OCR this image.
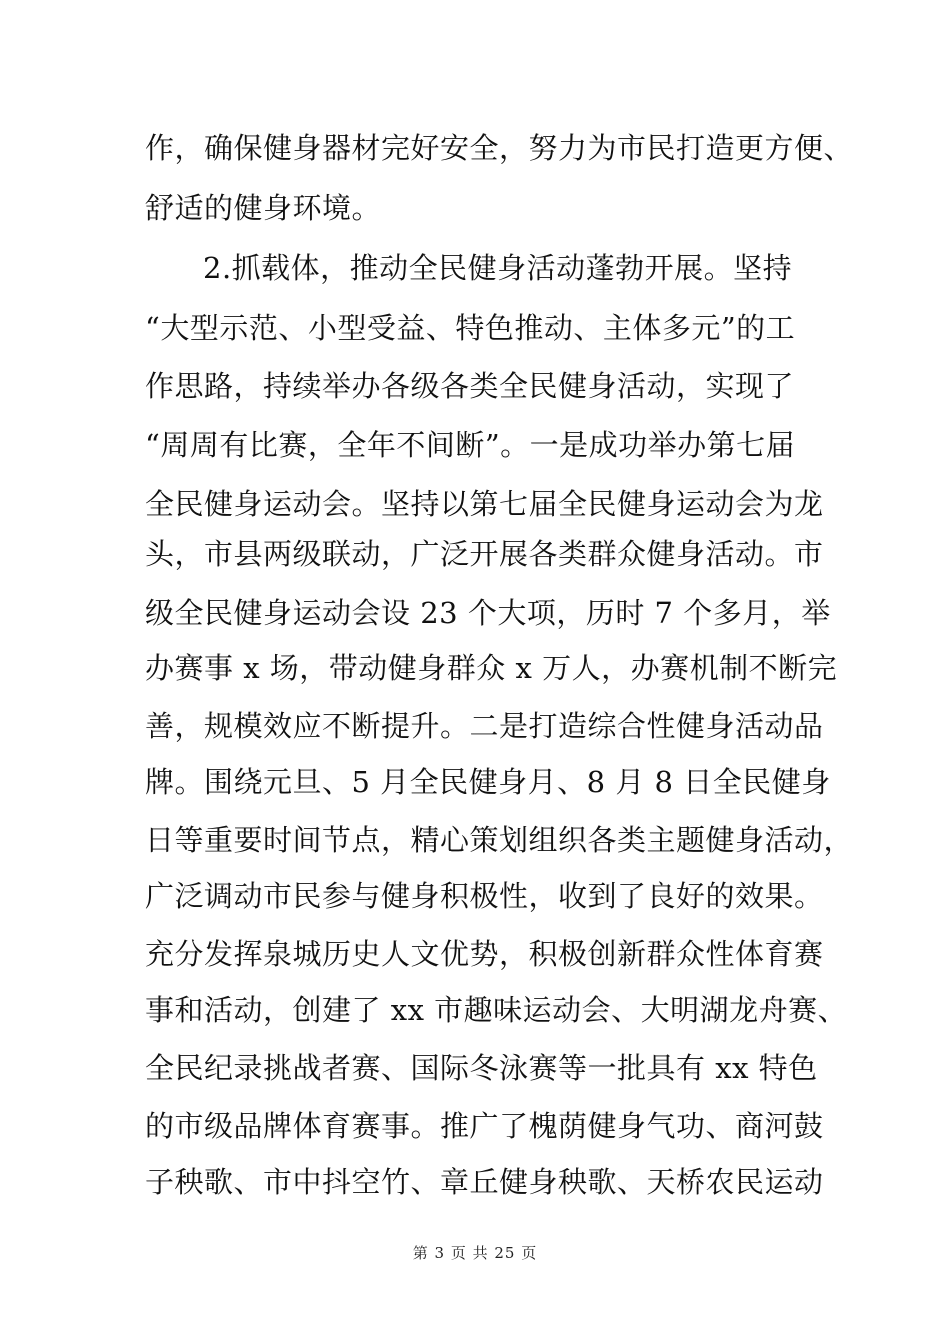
作，确保健身器材完好安全，努力为市民打造更方便、
舒适的健身环境。
2.抓载体，推动全民健身活动蓬勃开展。坚持
“大型示范、小型受益、特色推动、主体多元”的工
作思路，持续举办各级各类全民健身活动，实现了
“周周有比赛，全年不间断”。一是成功举办第七届
全民健身运动会。坚持以第七届全民健身运动会为龙
头，市县两级联动，广泛开展各类群众健身活动。市
级全民健身运动会设 23 个大项，历时 7 个多月，举
办赛事 x 场，带动健身群众 x 万人，办赛机制不断完
善，规模效应不断提升。二是打造综合性健身活动品
牌。围绕元旦、5 月全民健身月、8 月 8 日全民健身
日等重要时间节点，精心策划组织各类主题健身活动，
广泛调动市民参与健身积极性，收到了良好的效果。
充分发挥泉城历史人文优势，积极创新群众性体育赛
事和活动，创建了 xx 市趣味运动会、大明湖龙舟赛、
全民纪录挑战者赛、国际冬泳赛等一批具有 xx 特色
的市级品牌体育赛事。推广了槐荫健身气功、商河鼓
子秧歌、市中抖空竹、章丘健身秧歌、天桥农民运动
第 3 页 共 25 页
